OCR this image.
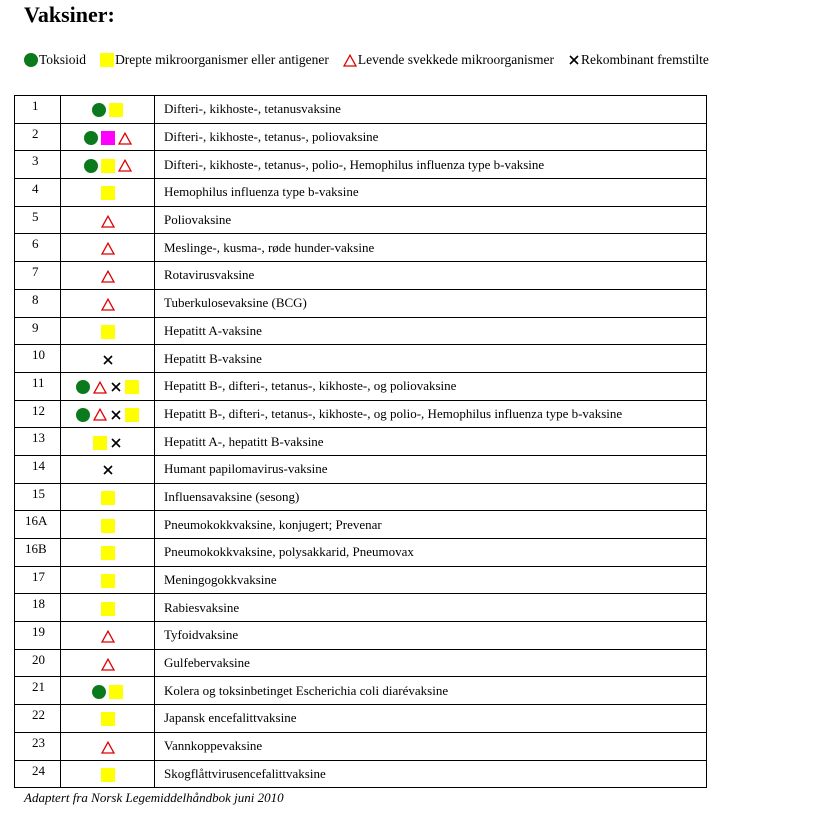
Vaksiner:
Toksioid Drepte mikroorganismer eller antigener Levende svekkede mikroorganismer Rekombinant fremstilte
1		Difteri-, kikhoste-, tetanusvaksine
2		Difteri-, kikhoste-, tetanus-, poliovaksine
3		Difteri-, kikhoste-, tetanus-, polio-, Hemophilus influenza type b-vaksine
4		Hemophilus influenza type b-vaksine
5		Poliovaksine
6		Meslinge-, kusma-, røde hunder-vaksine
7		Rotavirusvaksine
8		Tuberkulosevaksine (BCG)
9		Hepatitt A-vaksine
10		Hepatitt B-vaksine
11		Hepatitt B-, difteri-, tetanus-, kikhoste-, og poliovaksine
12		Hepatitt B-, difteri-, tetanus-, kikhoste-, og polio-, Hemophilus influenza type b-vaksine
13		Hepatitt A-, hepatitt B-vaksine
14		Humant papilomavirus-vaksine
15		Influensavaksine (sesong)
16A		Pneumokokkvaksine, konjugert; Prevenar
16B		Pneumokokkvaksine, polysakkarid, Pneumovax
17		Meningogokkvaksine
18		Rabiesvaksine
19		Tyfoidvaksine
20		Gulfebervaksine
21		Kolera og toksinbetinget Escherichia coli diarévaksine
22		Japansk encefalittvaksine
23		Vannkoppevaksine
24		Skogflåttvirusencefalittvaksine
Adaptert fra Norsk Legemiddelhåndbok juni 2010
